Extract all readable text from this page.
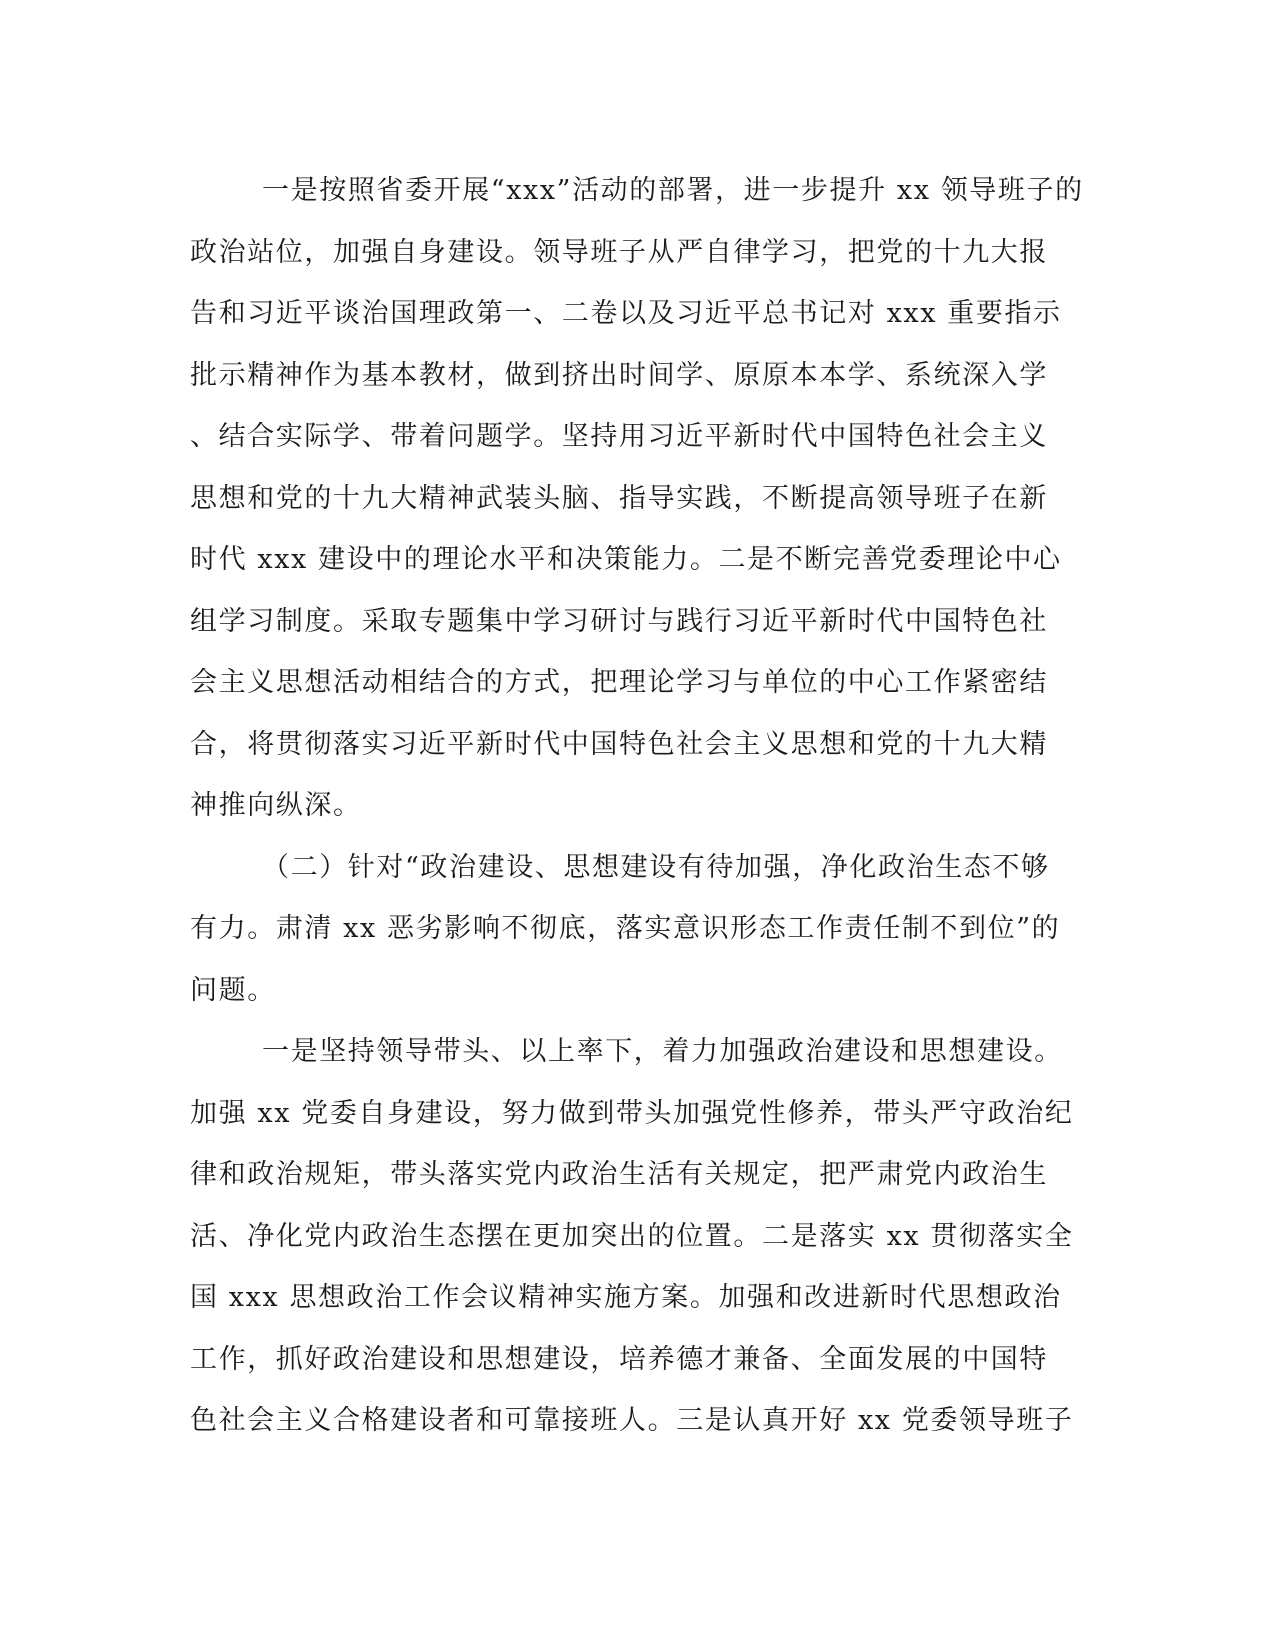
一是按照省委开展“xxx”活动的部署，进一步提升 xx 领导班子的
政治站位，加强自身建设。领导班子从严自律学习，把党的十九大报
告和习近平谈治国理政第一、二卷以及习近平总书记对 xxx 重要指示
批示精神作为基本教材，做到挤出时间学、原原本本学、系统深入学
、结合实际学、带着问题学。坚持用习近平新时代中国特色社会主义
思想和党的十九大精神武装头脑、指导实践，不断提高领导班子在新
时代 xxx 建设中的理论水平和决策能力。二是不断完善党委理论中心
组学习制度。采取专题集中学习研讨与践行习近平新时代中国特色社
会主义思想活动相结合的方式，把理论学习与单位的中心工作紧密结
合，将贯彻落实习近平新时代中国特色社会主义思想和党的十九大精
神推向纵深。
（二）针对“政治建设、思想建设有待加强，净化政治生态不够
有力。肃清 xx 恶劣影响不彻底，落实意识形态工作责任制不到位”的
问题。
一是坚持领导带头、以上率下，着力加强政治建设和思想建设。
加强 xx 党委自身建设，努力做到带头加强党性修养，带头严守政治纪
律和政治规矩，带头落实党内政治生活有关规定，把严肃党内政治生
活、净化党内政治生态摆在更加突出的位置。二是落实 xx 贯彻落实全
国 xxx 思想政治工作会议精神实施方案。加强和改进新时代思想政治
工作，抓好政治建设和思想建设，培养德才兼备、全面发展的中国特
色社会主义合格建设者和可靠接班人。三是认真开好 xx 党委领导班子
